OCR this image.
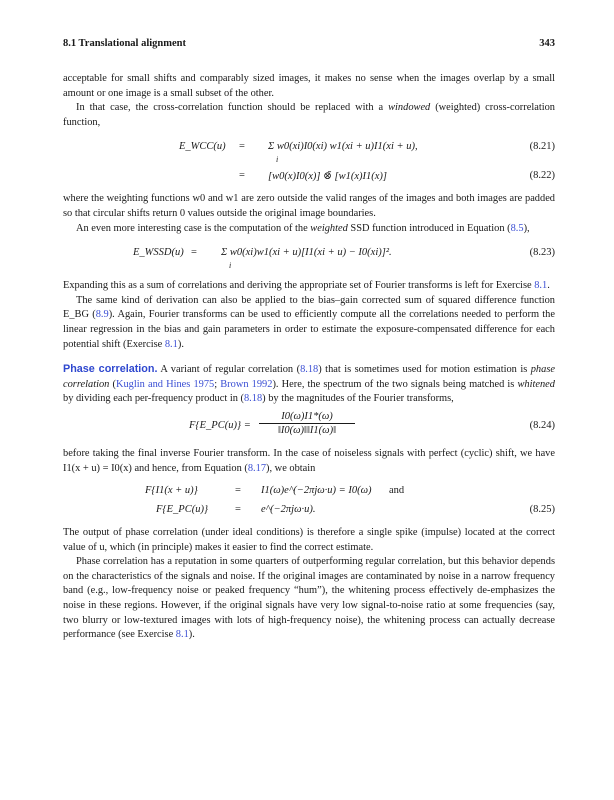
8.1 Translational alignment	343

acceptable for small shifts and comparably sized images, it makes no sense when the images overlap by a small amount or one image is a small subset of the other.

In that case, the cross-correlation function should be replaced with a windowed (weighted) cross-correlation function,

E_WCC(u) = Σ w0(xi)I0(xi) w1(xi + u)I1(xi + u),	(8.21)
i
= [w0(x)I0(x)] ⊗̄ [w1(x)I1(x)]	(8.22)

where the weighting functions w0 and w1 are zero outside the valid ranges of the images and both images are padded so that circular shifts return 0 values outside the original image boundaries.

An even more interesting case is the computation of the weighted SSD function introduced in Equation (8.5),

E_WSSD(u) = Σ w0(xi)w1(xi + u)[I1(xi + u) − I0(xi)]².	(8.23)
i

Expanding this as a sum of correlations and deriving the appropriate set of Fourier transforms is left for Exercise 8.1.

The same kind of derivation can also be applied to the bias–gain corrected sum of squared difference function E_BG (8.9). Again, Fourier transforms can be used to efficiently compute all the correlations needed to perform the linear regression in the bias and gain parameters in order to estimate the exposure-compensated difference for each potential shift (Exercise 8.1).

Phase correlation. A variant of regular correlation (8.18) that is sometimes used for motion estimation is phase correlation (Kuglin and Hines 1975; Brown 1992). Here, the spectrum of the two signals being matched is whitened by dividing each per-frequency product in (8.18) by the magnitudes of the Fourier transforms,

F{E_PC(u)} =
I0(ω)I1*(ω)
‖I0(ω)‖‖I1(ω)‖	(8.24)

before taking the final inverse Fourier transform. In the case of noiseless signals with perfect (cyclic) shift, we have I1(x + u) = I0(x) and hence, from Equation (8.17), we obtain

F{I1(x + u)}	= I1(ω)e^(−2πjω·u) = I0(ω) and
F{E_PC(u)}	= e^(−2πjω·u).	(8.25)

The output of phase correlation (under ideal conditions) is therefore a single spike (impulse) located at the correct value of u, which (in principle) makes it easier to find the correct estimate.

Phase correlation has a reputation in some quarters of outperforming regular correlation, but this behavior depends on the characteristics of the signals and noise. If the original images are contaminated by noise in a narrow frequency band (e.g., low-frequency noise or peaked frequency “hum”), the whitening process effectively de-emphasizes the noise in these regions. However, if the original signals have very low signal-to-noise ratio at some frequencies (say, two blurry or low-textured images with lots of high-frequency noise), the whitening process can actually decrease performance (see Exercise 8.1).
